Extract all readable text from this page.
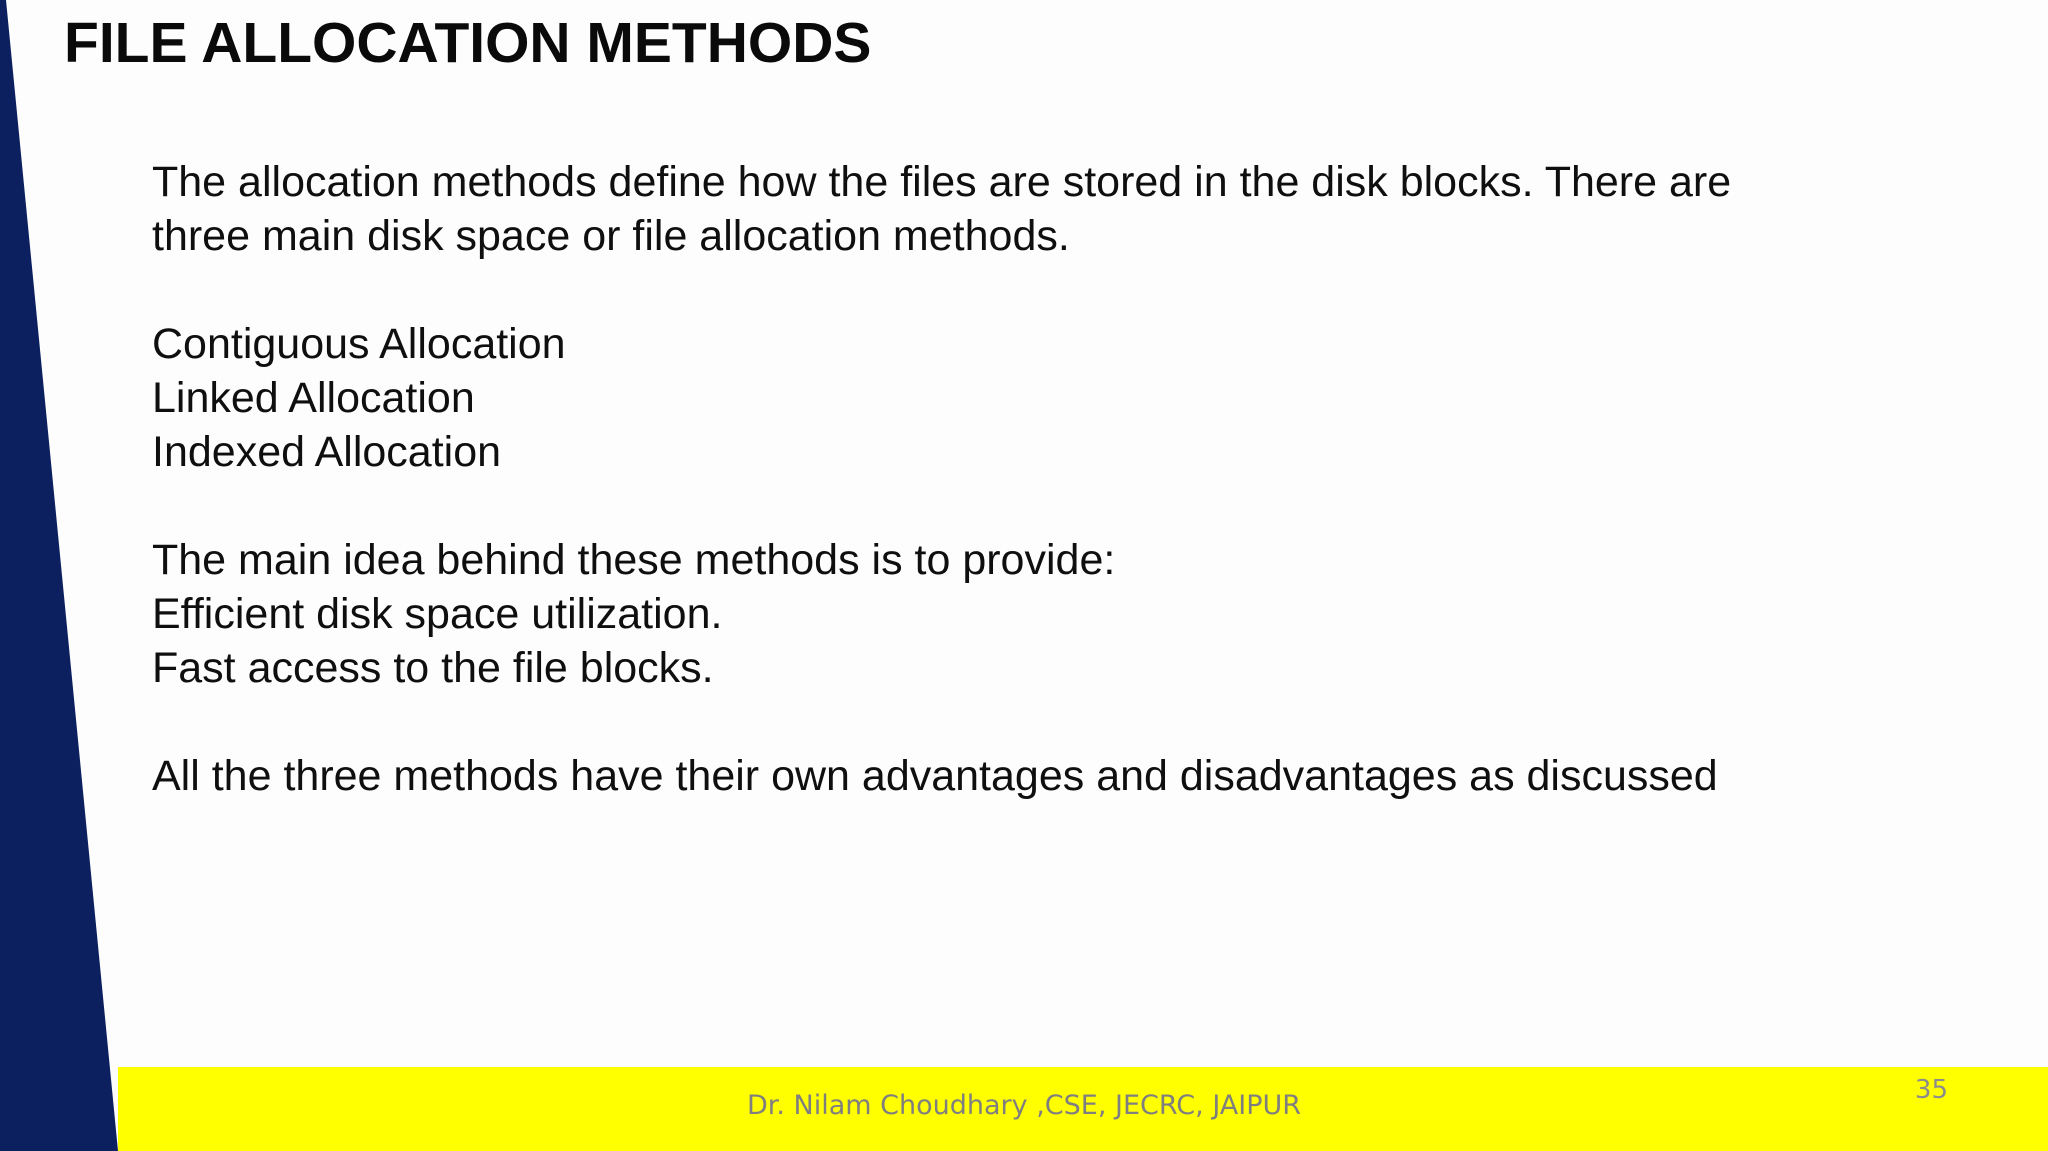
FILE ALLOCATION METHODS
The allocation methods define how the files are stored in the disk blocks. There are
three main disk space or file allocation methods.
Contiguous Allocation
Linked Allocation
Indexed Allocation
The main idea behind these methods is to provide:
Efficient disk space utilization.
Fast access to the file blocks.
All the three methods have their own advantages and disadvantages as discussed
Dr. Nilam Choudhary ,CSE, JECRC, JAIPUR	35
